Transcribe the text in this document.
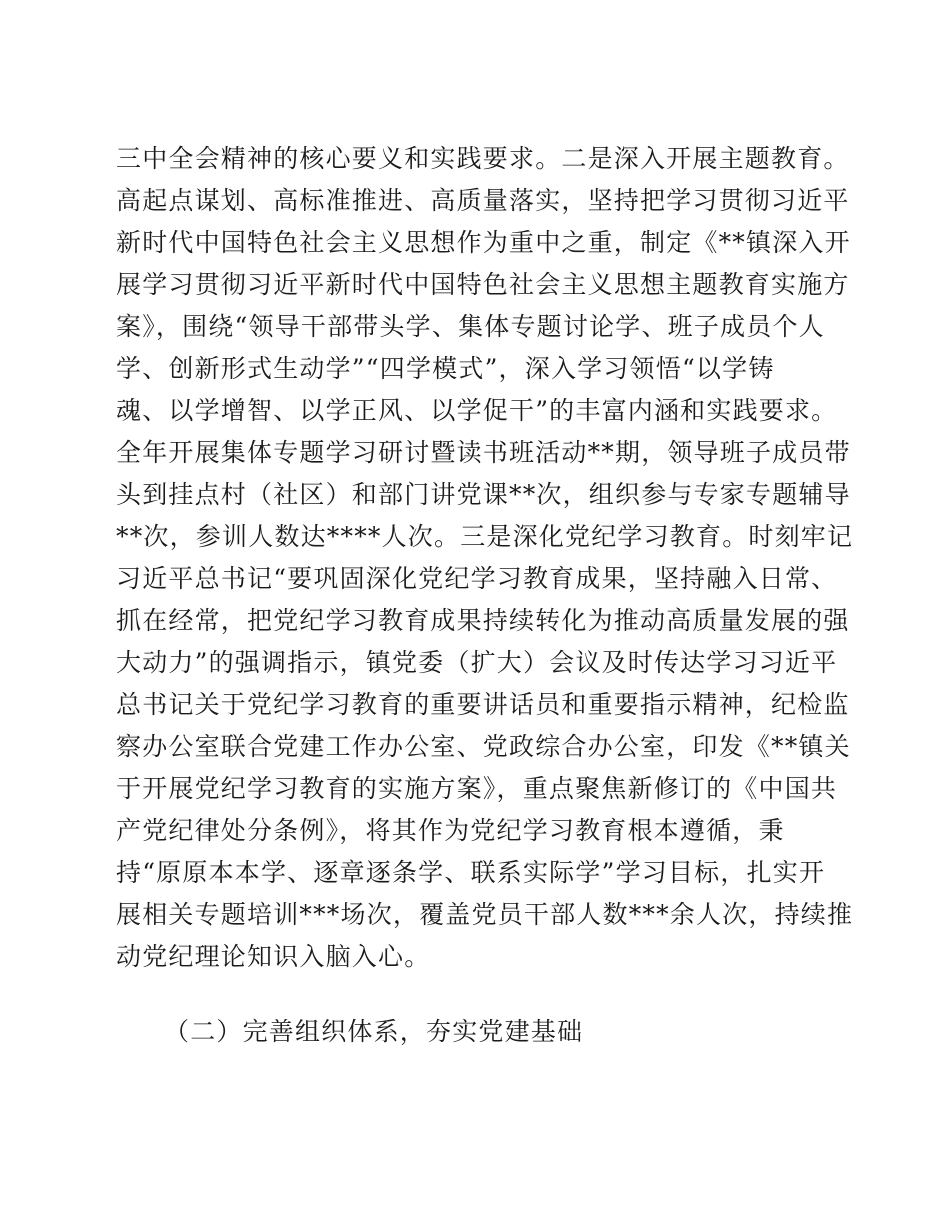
三中全会精神的核心要义和实践要求。二是深入开展主题教育。
高起点谋划、高标准推进、高质量落实，坚持把学习贯彻习近平
新时代中国特色社会主义思想作为重中之重，制定《**镇深入开
展学习贯彻习近平新时代中国特色社会主义思想主题教育实施方
案》，围绕“领导干部带头学、集体专题讨论学、班子成员个人
学、创新形式生动学”“四学模式”，深入学习领悟“以学铸
魂、以学增智、以学正风、以学促干”的丰富内涵和实践要求。
全年开展集体专题学习研讨暨读书班活动**期，领导班子成员带
头到挂点村（社区）和部门讲党课**次，组织参与专家专题辅导
**次，参训人数达****人次。三是深化党纪学习教育。时刻牢记
习近平总书记“要巩固深化党纪学习教育成果，坚持融入日常、
抓在经常，把党纪学习教育成果持续转化为推动高质量发展的强
大动力”的强调指示，镇党委（扩大）会议及时传达学习习近平
总书记关于党纪学习教育的重要讲话员和重要指示精神，纪检监
察办公室联合党建工作办公室、党政综合办公室，印发《**镇关
于开展党纪学习教育的实施方案》，重点聚焦新修订的《中国共
产党纪律处分条例》，将其作为党纪学习教育根本遵循，秉
持“原原本本学、逐章逐条学、联系实际学”学习目标，扎实开
展相关专题培训***场次，覆盖党员干部人数***余人次，持续推
动党纪理论知识入脑入心。
（二）完善组织体系，夯实党建基础
